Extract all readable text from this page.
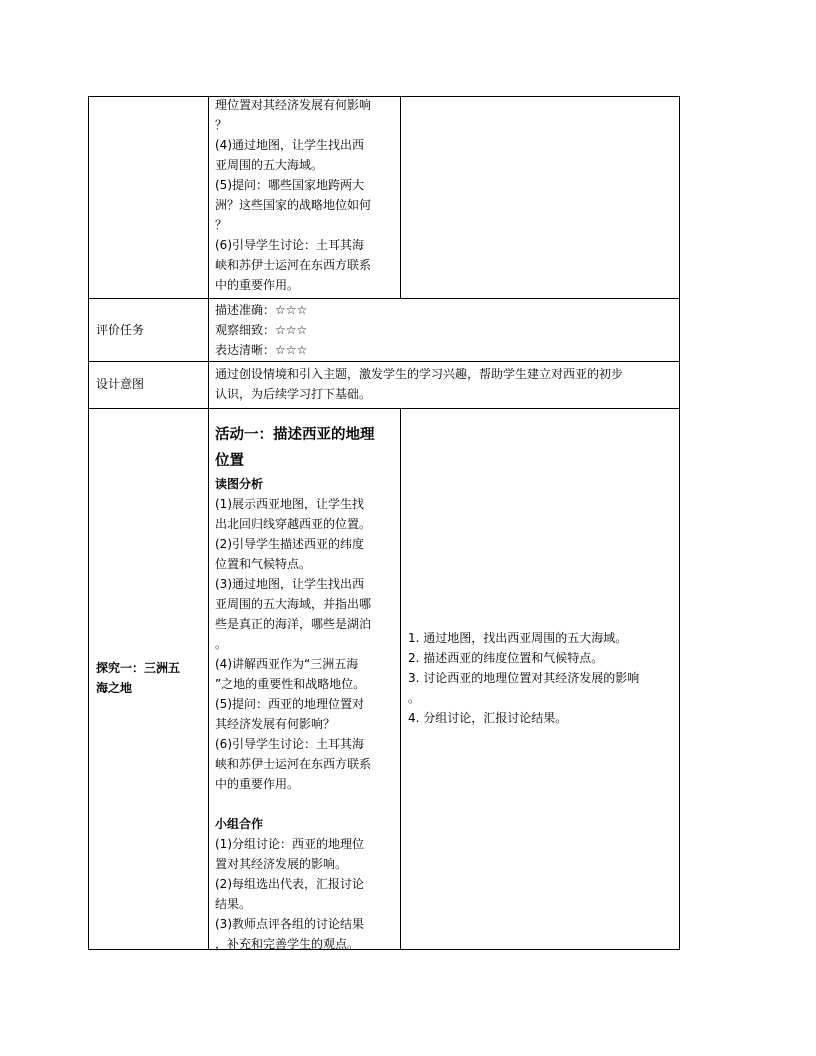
理位置对其经济发展有何影响

？

(4)通过地图，让学生找出西

亚周围的五大海域。

(5)提问：哪些国家地跨两大

洲？这些国家的战略地位如何

？

(6)引导学生讨论：土耳其海

峡和苏伊士运河在东西方联系

中的重要作用。

评价任务

描述准确：☆☆☆

观察细致：☆☆☆

表达清晰：☆☆☆

设计意图

通过创设情境和引入主题，激发学生的学习兴趣，帮助学生建立对西亚的初步

认识，为后续学习打下基础。

探究一：三洲五

海之地

活动一：描述西亚的地理
位置

读图分析

(1)展示西亚地图，让学生找

出北回归线穿越西亚的位置。

(2)引导学生描述西亚的纬度

位置和气候特点。

(3)通过地图，让学生找出西

亚周围的五大海域，并指出哪

些是真正的海洋，哪些是湖泊

。

(4)讲解西亚作为“三洲五海

”之地的重要性和战略地位。

(5)提问：西亚的地理位置对

其经济发展有何影响？

(6)引导学生讨论：土耳其海

峡和苏伊士运河在东西方联系

中的重要作用。

小组合作

(1)分组讨论：西亚的地理位

置对其经济发展的影响。

(2)每组选出代表，汇报讨论

结果。

(3)教师点评各组的讨论结果

，补充和完善学生的观点。

1. 通过地图，找出西亚周围的五大海域。

2. 描述西亚的纬度位置和气候特点。

3. 讨论西亚的地理位置对其经济发展的影响

。

4. 分组讨论，汇报讨论结果。
